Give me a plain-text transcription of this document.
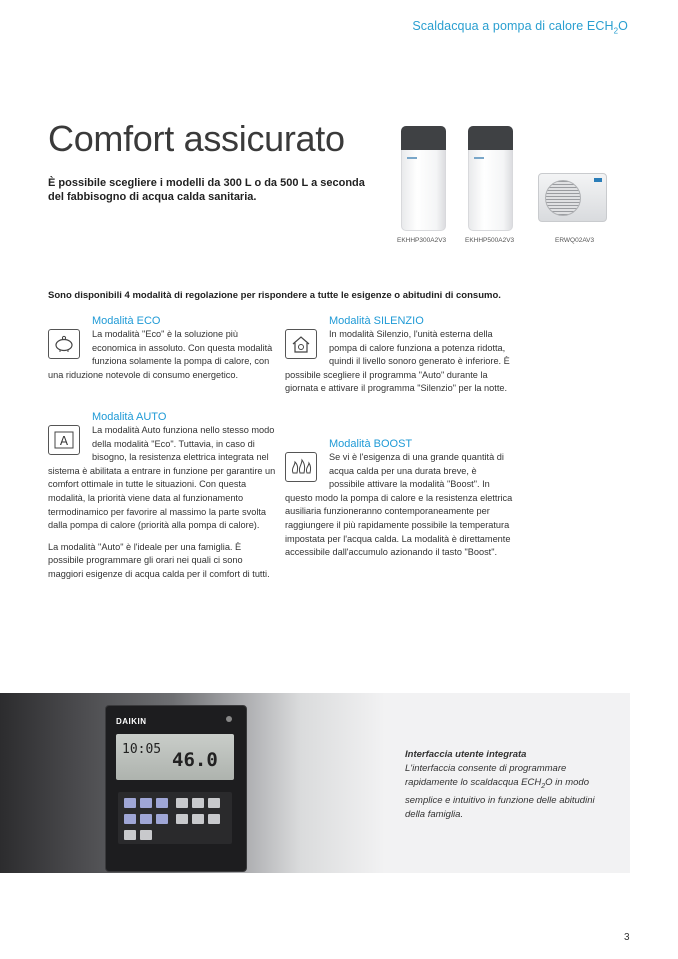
Scaldacqua a pompa di calore $ECH_2O$
Comfort assicurato
È possibile scegliere i modelli da 300 L o da 500 L a seconda del fabbisogno di acqua calda sanitaria.
EKHHP300A2V3	EKHHP500A2V3	ERWQ02AV3
Sono disponibili 4 modalità di regolazione per rispondere a tutte le esigenze o abitudini di consumo.
Modalità ECO

La modalità "Eco" è la soluzione più economica in assoluto. Con questa modalità funziona solamente la pompa di calore, con una riduzione notevole di consumo energetico.

Modalità AUTO
A

La modalità Auto funziona nello stesso modo della modalità "Eco". Tuttavia, in caso di bisogno, la resistenza elettrica integrata nel sistema è abilitata a entrare in funzione per garantire un comfort ottimale in tutte le situazioni. Con questa modalità, la priorità viene data al funzionamento termodinamico per favorire al massimo la parte svolta dalla pompa di calore (priorità alla pompa di calore).

La modalità "Auto" è l'ideale per una famiglia. È possibile programmare gli orari nei quali ci sono maggiori esigenze di acqua calda per il comfort di tutti.

Modalità SILENZIO

In modalità Silenzio, l'unità esterna della pompa di calore funziona a potenza ridotta, quindi il livello sonoro generato è inferiore. È possibile scegliere il programma "Auto" durante la giornata e attivare il programma "Silenzio" per la notte.

Modalità BOOST

Se vi è l'esigenza di una grande quantità di acqua calda per una durata breve, è possibile attivare la modalità "Boost". In questo modo la pompa di calore e la resistenza elettrica ausiliaria funzioneranno contemporaneamente per raggiungere il più rapidamente possibile la temperatura impostata per l'acqua calda. La modalità è direttamente accessibile dall'accumulo azionando il tasto "Boost".

DAIKIN
10:05 46.0	Interfaccia utente integrata
L'interfaccia consente di programmare rapidamente lo scaldacqua $ECH_2O$ in modo semplice e intuitivo in funzione delle abitudini della famiglia.
3
